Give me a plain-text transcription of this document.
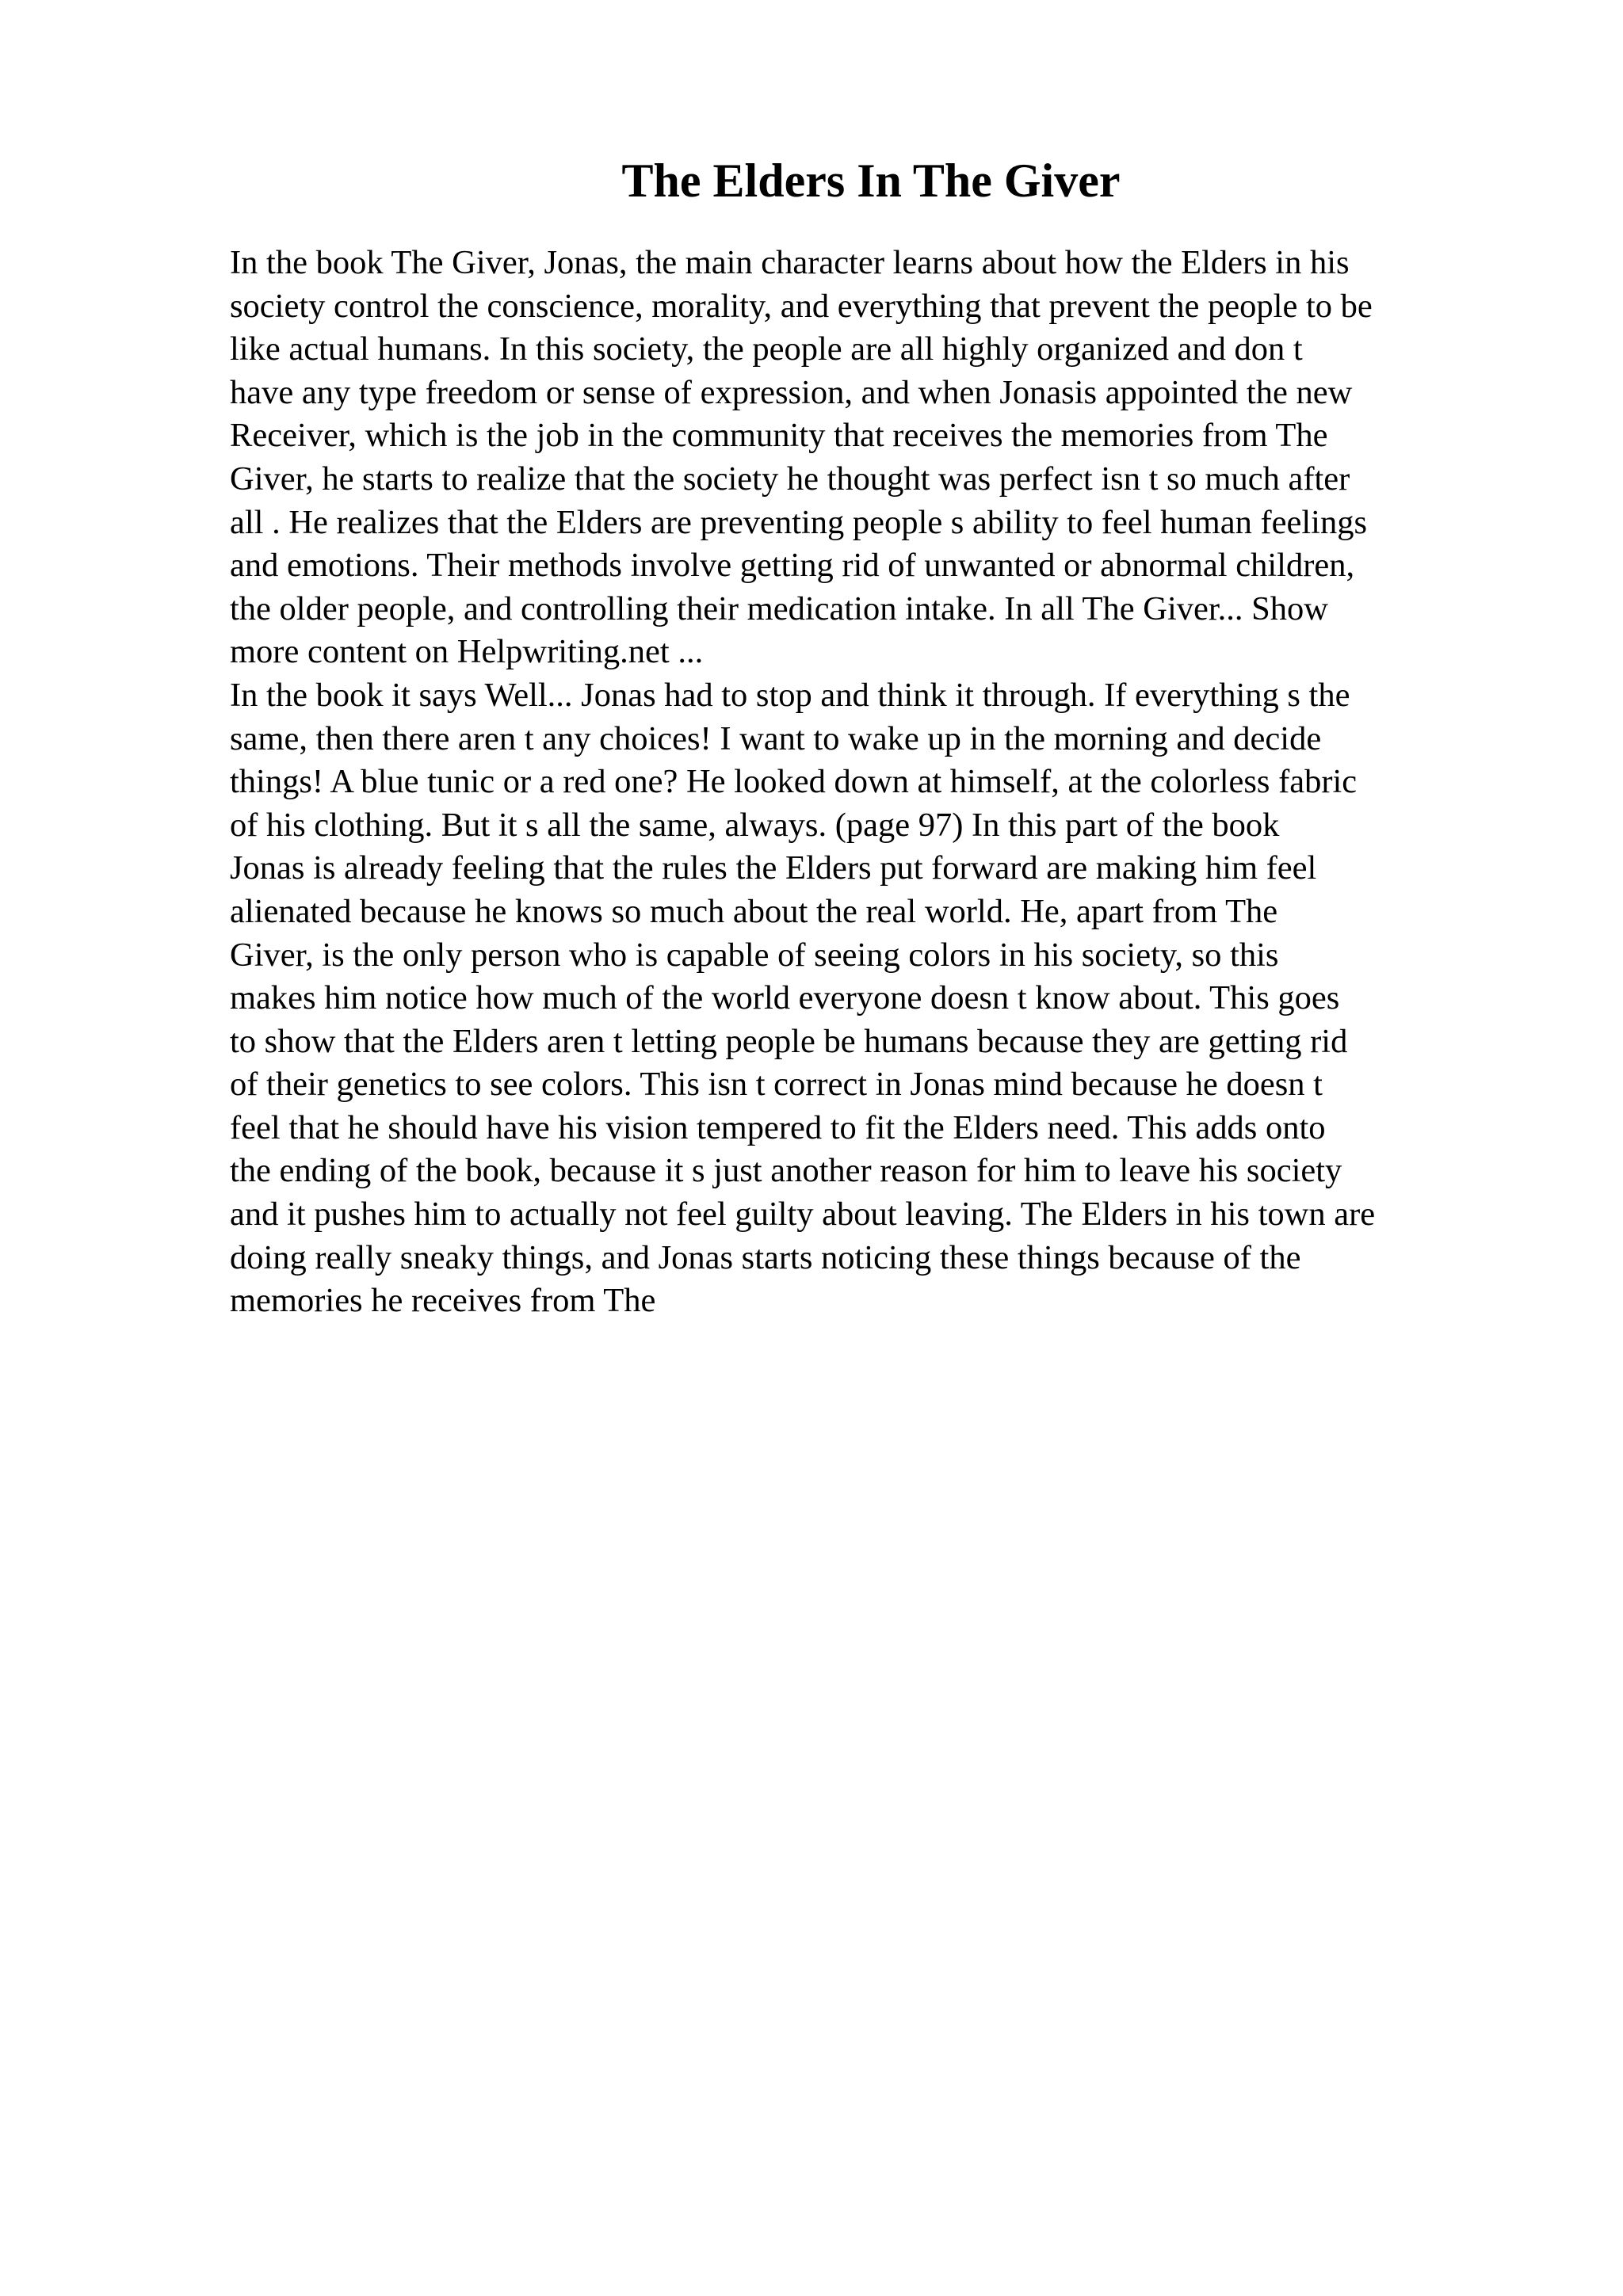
The Elders In The Giver
In the book The Giver, Jonas, the main character learns about how the Elders in his
society control the conscience, morality, and everything that prevent the people to be
like actual humans. In this society, the people are all highly organized and don t
have any type freedom or sense of expression, and when Jonasis appointed the new
Receiver, which is the job in the community that receives the memories from The
Giver, he starts to realize that the society he thought was perfect isn t so much after
all . He realizes that the Elders are preventing people s ability to feel human feelings
and emotions. Their methods involve getting rid of unwanted or abnormal children,
the older people, and controlling their medication intake. In all The Giver... Show
more content on Helpwriting.net ...
In the book it says Well... Jonas had to stop and think it through. If everything s the
same, then there aren t any choices! I want to wake up in the morning and decide
things! A blue tunic or a red one? He looked down at himself, at the colorless fabric
of his clothing. But it s all the same, always. (page 97) In this part of the book
Jonas is already feeling that the rules the Elders put forward are making him feel
alienated because he knows so much about the real world. He, apart from The
Giver, is the only person who is capable of seeing colors in his society, so this
makes him notice how much of the world everyone doesn t know about. This goes
to show that the Elders aren t letting people be humans because they are getting rid
of their genetics to see colors. This isn t correct in Jonas mind because he doesn t
feel that he should have his vision tempered to fit the Elders need. This adds onto
the ending of the book, because it s just another reason for him to leave his society
and it pushes him to actually not feel guilty about leaving. The Elders in his town are
doing really sneaky things, and Jonas starts noticing these things because of the
memories he receives from The
